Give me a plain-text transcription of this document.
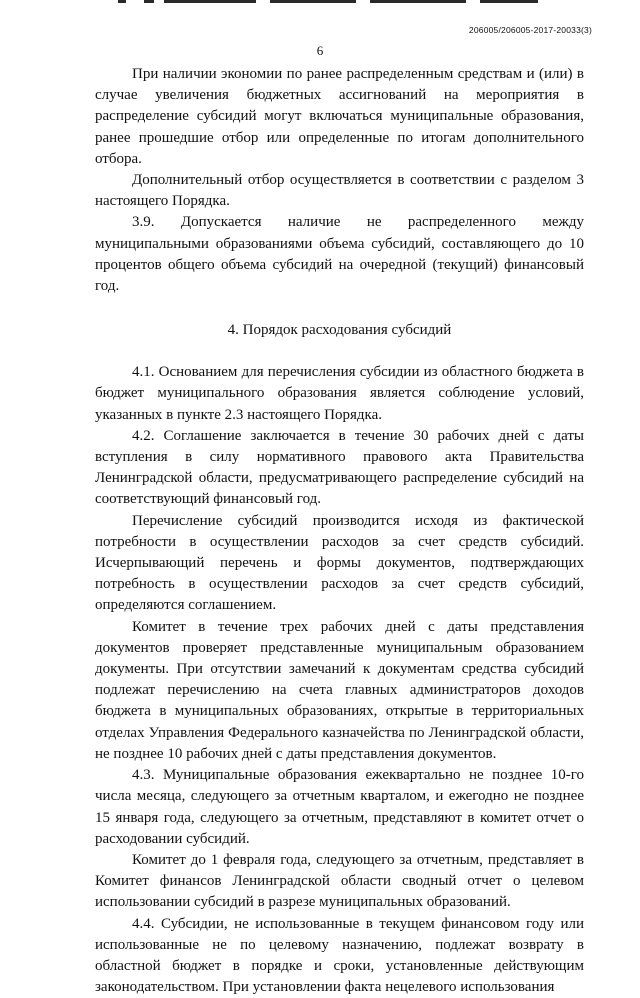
206005/206005-2017-20033(3)
6

При наличии экономии по ранее распределенным средствам и (или) в случае увеличения бюджетных ассигнований на мероприятия в распределение субсидий могут включаться муниципальные образования, ранее прошедшие отбор или определенные по итогам дополнительного отбора.

Дополнительный отбор осуществляется в соответствии с разделом 3 настоящего Порядка.

3.9. Допускается наличие не распределенного между муниципальными образованиями объема субсидий, составляющего до 10 процентов общего объема субсидий на очередной (текущий) финансовый год.

4. Порядок расходования субсидий

4.1. Основанием для перечисления субсидии из областного бюджета в бюджет муниципального образования является соблюдение условий, указанных в пункте 2.3 настоящего Порядка.

4.2. Соглашение заключается в течение 30 рабочих дней с даты вступления в силу нормативного правового акта Правительства Ленинградской области, предусматривающего распределение субсидий на соответствующий финансовый год.

Перечисление субсидий производится исходя из фактической потребности в осуществлении расходов за счет средств субсидий. Исчерпывающий перечень и формы документов, подтверждающих потребность в осуществлении расходов за счет средств субсидий, определяются соглашением.

Комитет в течение трех рабочих дней с даты представления документов проверяет представленные муниципальным образованием документы. При отсутствии замечаний к документам средства субсидий подлежат перечислению на счета главных администраторов доходов бюджета в муниципальных образованиях, открытые в территориальных отделах Управления Федерального казначейства по Ленинградской области, не позднее 10 рабочих дней с даты представления документов.

4.3. Муниципальные образования ежеквартально не позднее 10-го числа месяца, следующего за отчетным кварталом, и ежегодно не позднее 15 января года, следующего за отчетным, представляют в комитет отчет о расходовании субсидий.

Комитет до 1 февраля года, следующего за отчетным, представляет в Комитет финансов Ленинградской области сводный отчет о целевом использовании субсидий в разрезе муниципальных образований.

4.4. Субсидии, не использованные в текущем финансовом году или использованные не по целевому назначению, подлежат возврату в областной бюджет в порядке и сроки, установленные действующим законодательством. При установлении факта нецелевого использования
